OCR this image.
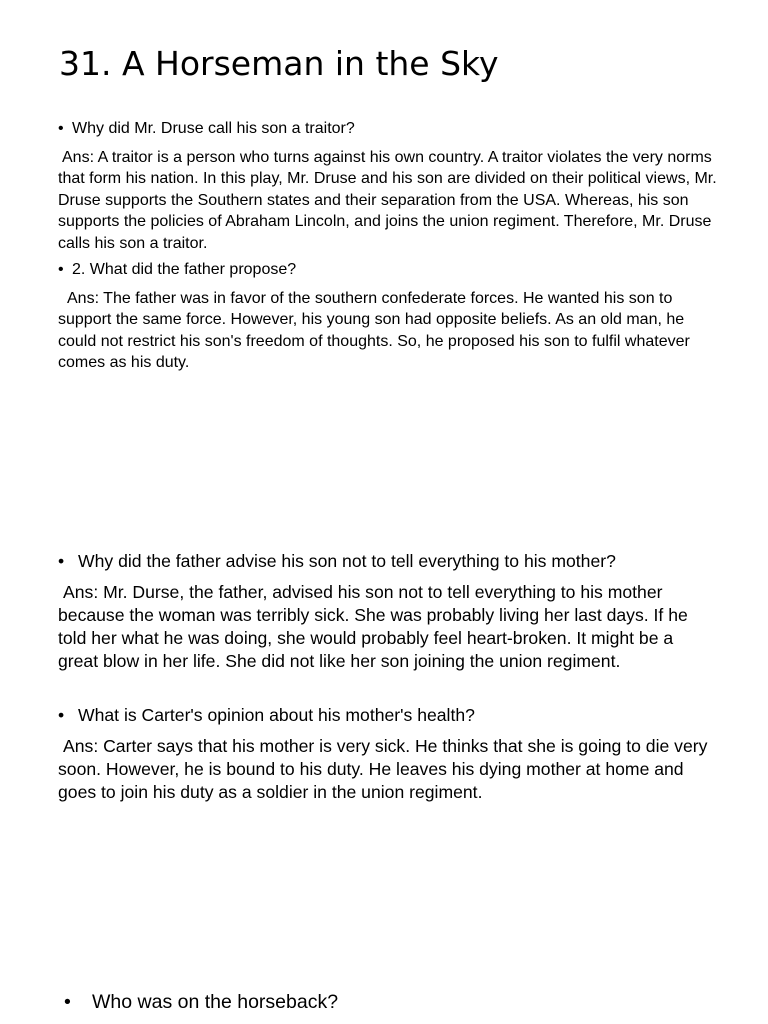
31. A Horseman in the Sky

• Why did Mr. Druse call his son a traitor?

Ans: A traitor is a person who turns against his own country. A traitor violates the very norms that form his nation. In this play, Mr. Druse and his son are divided on their political views, Mr. Druse supports the Southern states and their separation from the USA. Whereas, his son supports the policies of Abraham Lincoln, and joins the union regiment. Therefore, Mr. Druse calls his son a traitor.

• 2. What did the father propose?

Ans: The father was in favor of the southern confederate forces. He wanted his son to support the same force. However, his young son had opposite beliefs. As an old man, he could not restrict his son's freedom of thoughts. So, he proposed his son to fulfil whatever comes as his duty.

• Why did the father advise his son not to tell everything to his mother?

Ans: Mr. Durse, the father, advised his son not to tell everything to his mother because the woman was terribly sick. She was probably living her last days. If he told her what he was doing, she would probably feel heart-broken. It might be a great blow in her life. She did not like her son joining the union regiment.

• What is Carter's opinion about his mother's health?

Ans: Carter says that his mother is very sick. He thinks that she is going to die very soon. However, he is bound to his duty. He leaves his dying mother at home and goes to join his duty as a soldier in the union regiment.

• Who was on the horseback?
